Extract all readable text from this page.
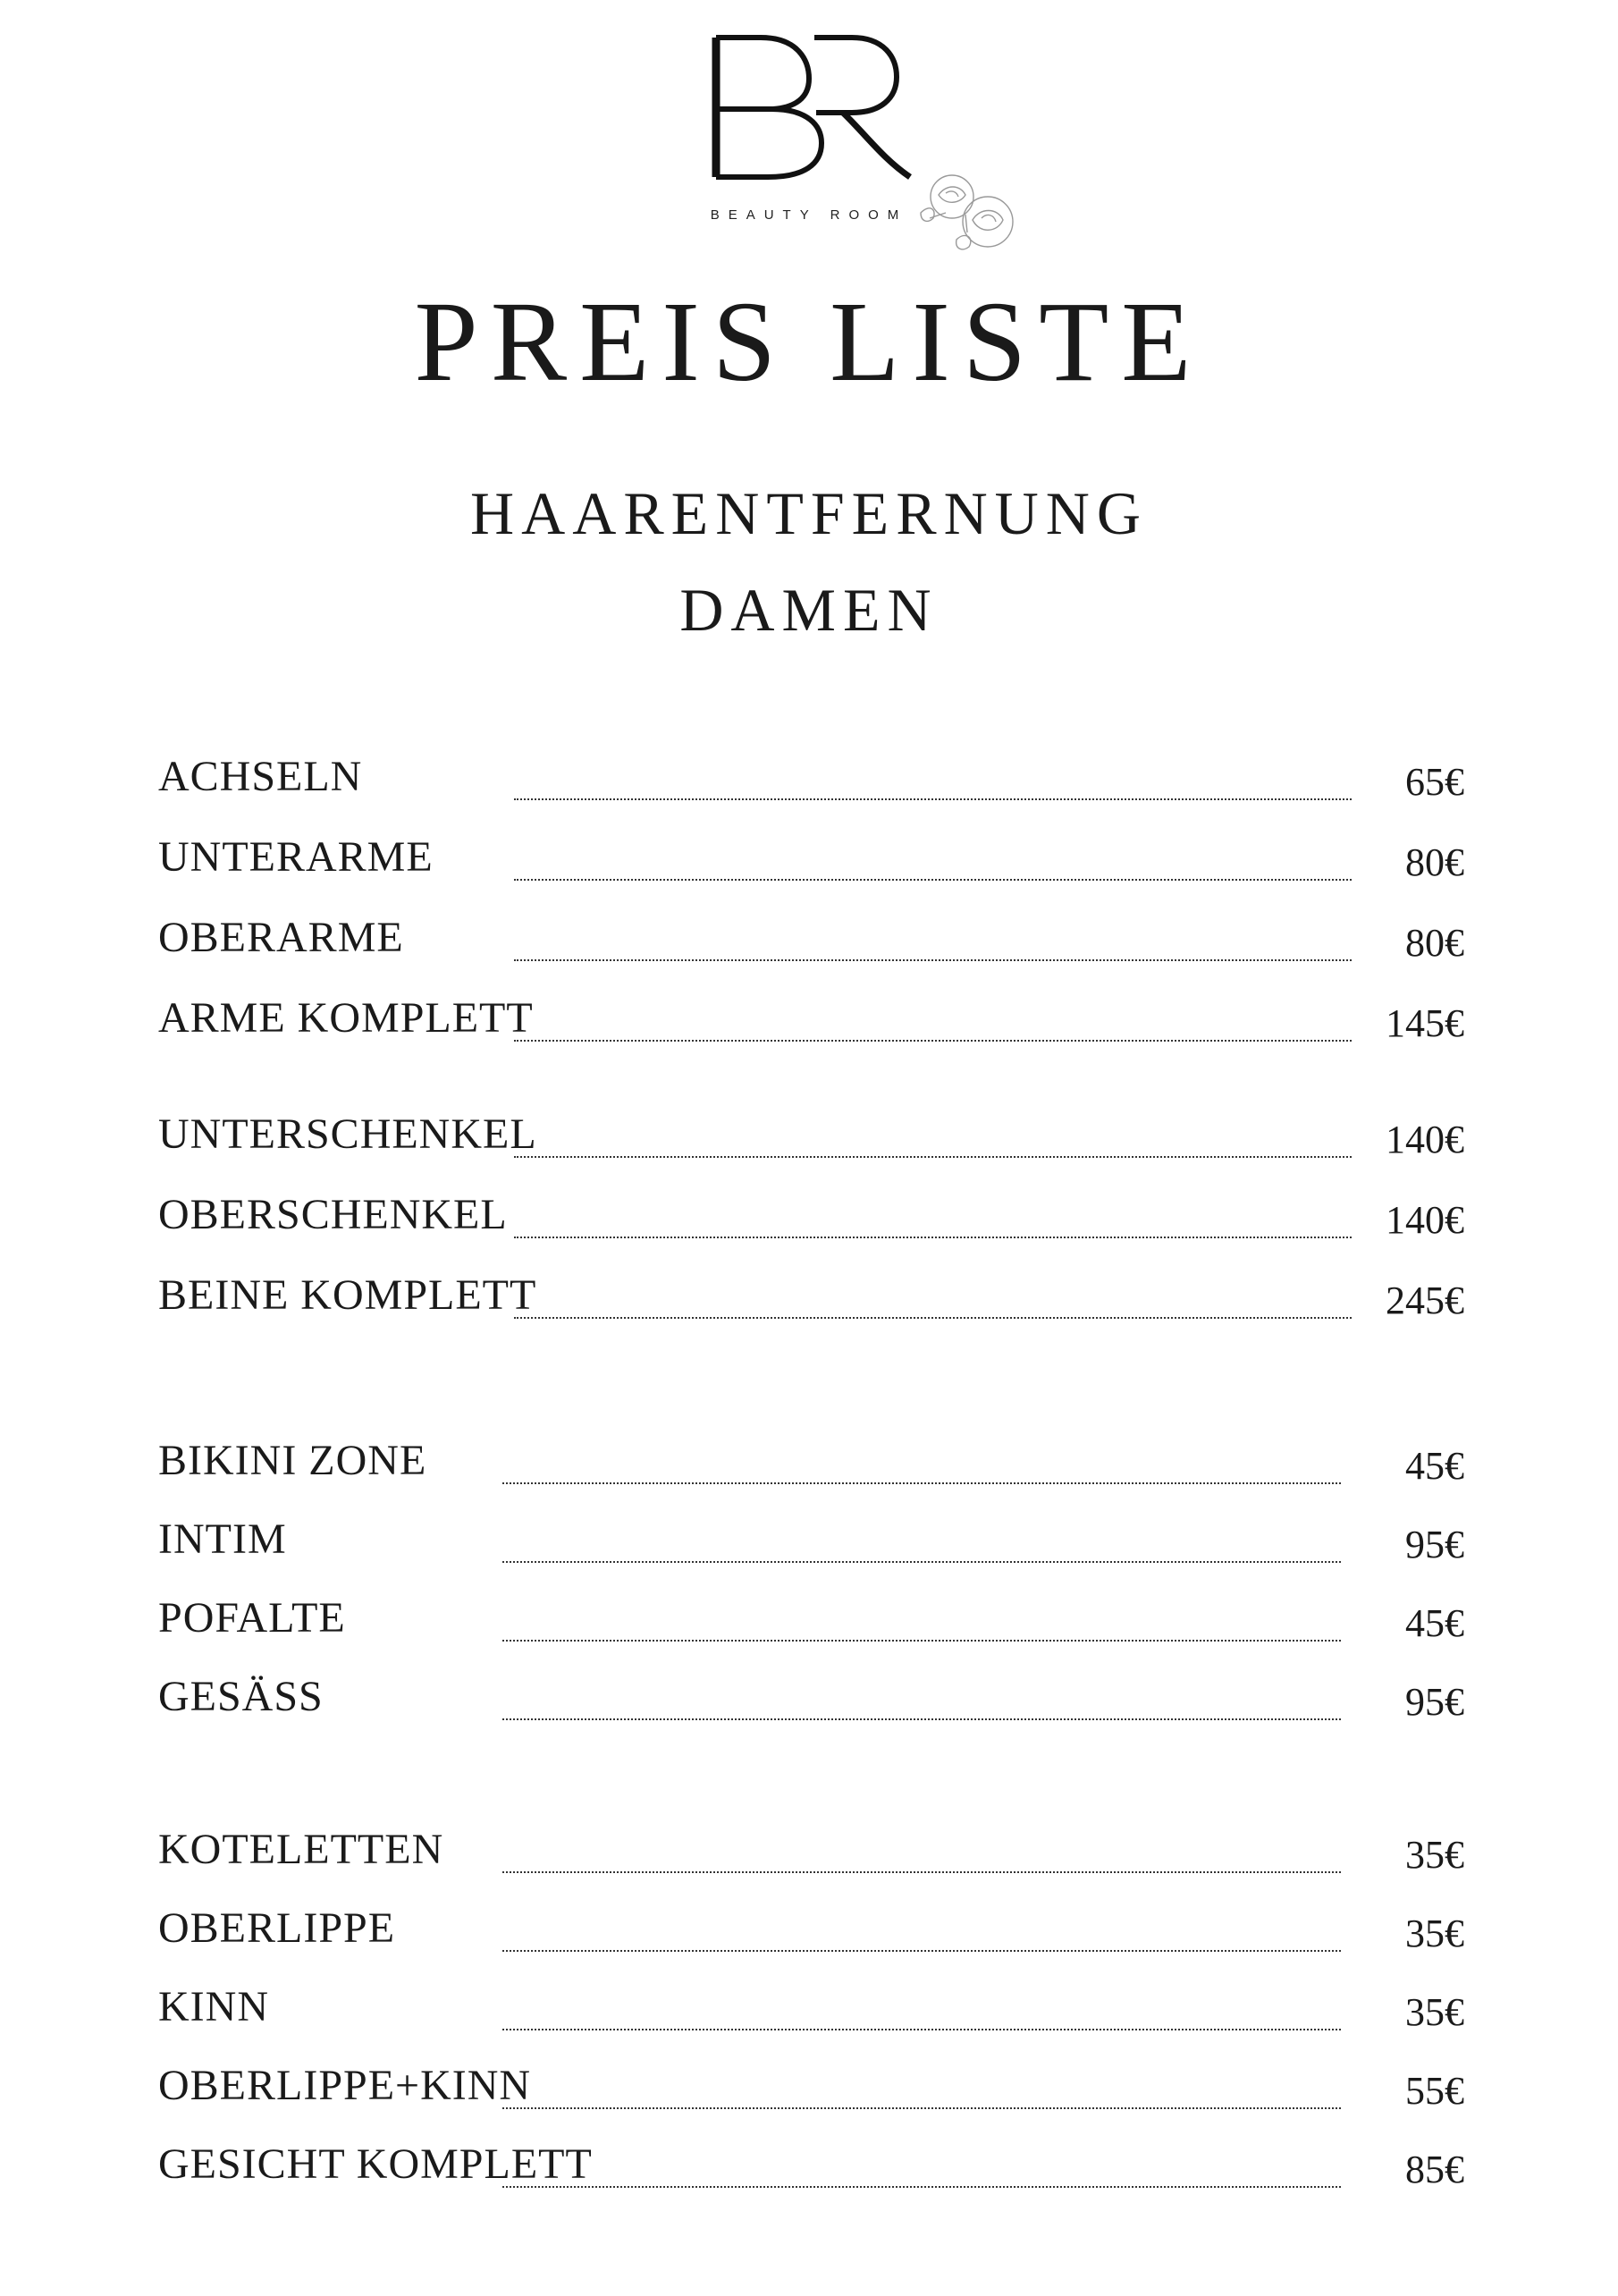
BEAUTY ROOM
PREIS LISTE
HAARENTFERNUNG
DAMEN
ACHSELN	65€
UNTERARME	80€
OBERARME	80€
ARME KOMPLETT	145€
UNTERSCHENKEL	140€
OBERSCHENKEL	140€
BEINE KOMPLETT	245€
BIKINI ZONE	45€
INTIM	95€
POFALTE	45€
GESÄSS	95€
KOTELETTEN	35€
OBERLIPPE	35€
KINN	35€
OBERLIPPE+KINN	55€
GESICHT KOMPLETT	85€
